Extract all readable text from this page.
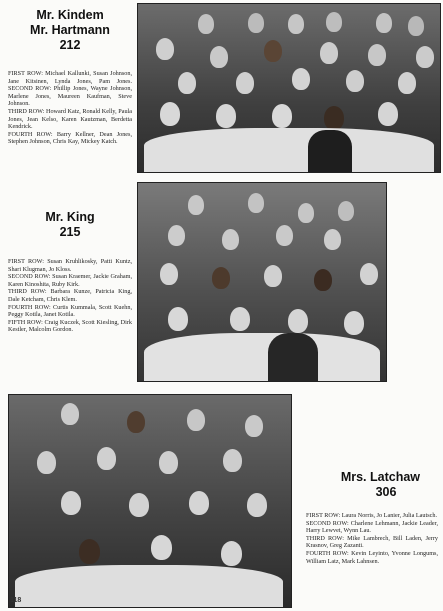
Mr. Kindem
Mr. Hartmann
212
FIRST ROW: Michael Kallunki, Susan Johnson, Jane Kitsinen, Lynda Jones, Pam Jones. SECOND ROW: Phillip Jones, Wayne Johnson, Marlene Jones, Maureen Kaufman, Steve Johnson.
THIRD ROW: Howard Katz, Ronald Kelly, Paula Jones, Jean Kelso, Karen Kautzman, Berdetta Kendrick.
FOURTH ROW: Barry Kellner, Dean Jones, Stephen Johnson, Chris Kay, Mickey Katch.
Mr. King
215
FIRST ROW: Susan Kruhlikosky, Patti Kuntz, Shari Klugman, Jo Kloss.
SECOND ROW: Susan Kraemer, Jackie Graham, Karen Kinoshita, Ruby Kirk.
THIRD ROW: Barbara Kunze, Patricia King, Dale Ketcham, Chris Klem.
FOURTH ROW: Curtis Kummala, Scott Kuehn, Peggy Kotila, Janet Kotila.
FIFTH ROW: Craig Kuczek, Scott Kiesling, Dirk Kestler, Malcolm Gordon.
Mrs. Latchaw
306
FIRST ROW: Laura Norris, Jo Lanier, Julia Lautsch.
SECOND ROW: Charlene Lehmann, Jackie Leader, Harry Lewvet, Wynn Lau.
THIRD ROW: Mike Lambrech, Bill Laden, Jerry Krasnov, Greg Zazanti.
FOURTH ROW: Kevin Leyinto, Yvonne Longums, William Latz, Mark Lahnsen.
118
